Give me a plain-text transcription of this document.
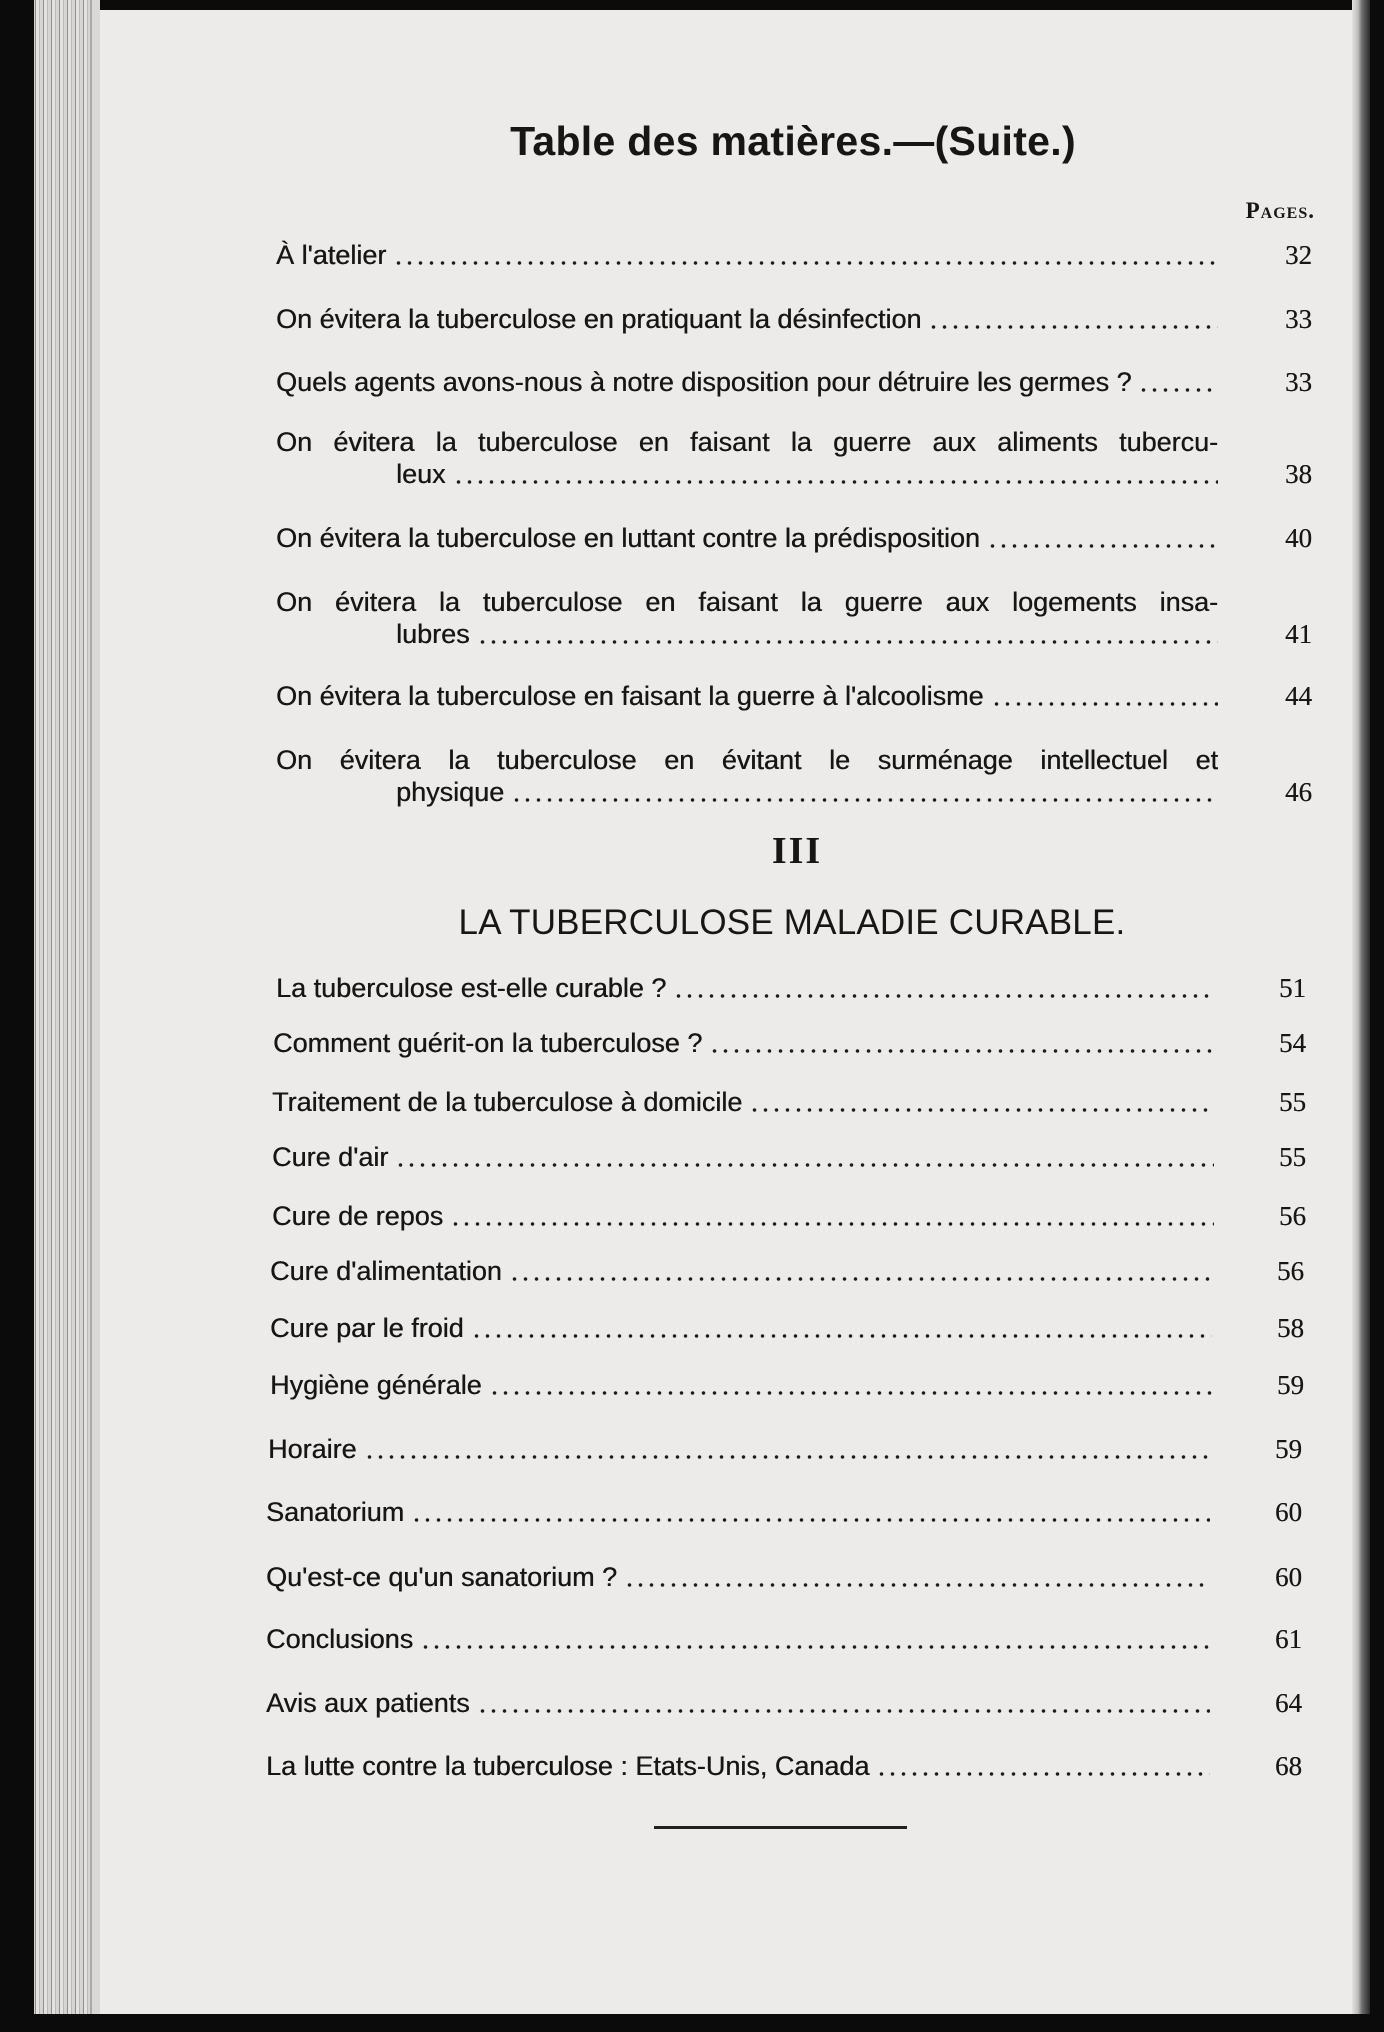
Table des matières.—(Suite.)
Pages.
À l'atelier	32
On évitera la tuberculose en pratiquant la désinfection	33
Quels agents avons-nous à notre disposition pour détruire les germes ?	33
On évitera la tuberculose en faisant la guerre aux aliments tubercu-
leux	38
On évitera la tuberculose en luttant contre la prédisposition	40
On évitera la tuberculose en faisant la guerre aux logements insa-
lubres	41
On évitera la tuberculose en faisant la guerre à l'alcoolisme	44
On évitera la tuberculose en évitant le surménage intellectuel et
physique	46
III
LA TUBERCULOSE MALADIE CURABLE.
La tuberculose est-elle curable ?	51
Comment guérit-on la tuberculose ?	54
Traitement de la tuberculose à domicile	55
Cure d'air	55
Cure de repos	56
Cure d'alimentation	56
Cure par le froid	58
Hygiène générale	59
Horaire	59
Sanatorium	60
Qu'est-ce qu'un sanatorium ?	60
Conclusions	61
Avis aux patients	64
La lutte contre la tuberculose : Etats-Unis, Canada	68
